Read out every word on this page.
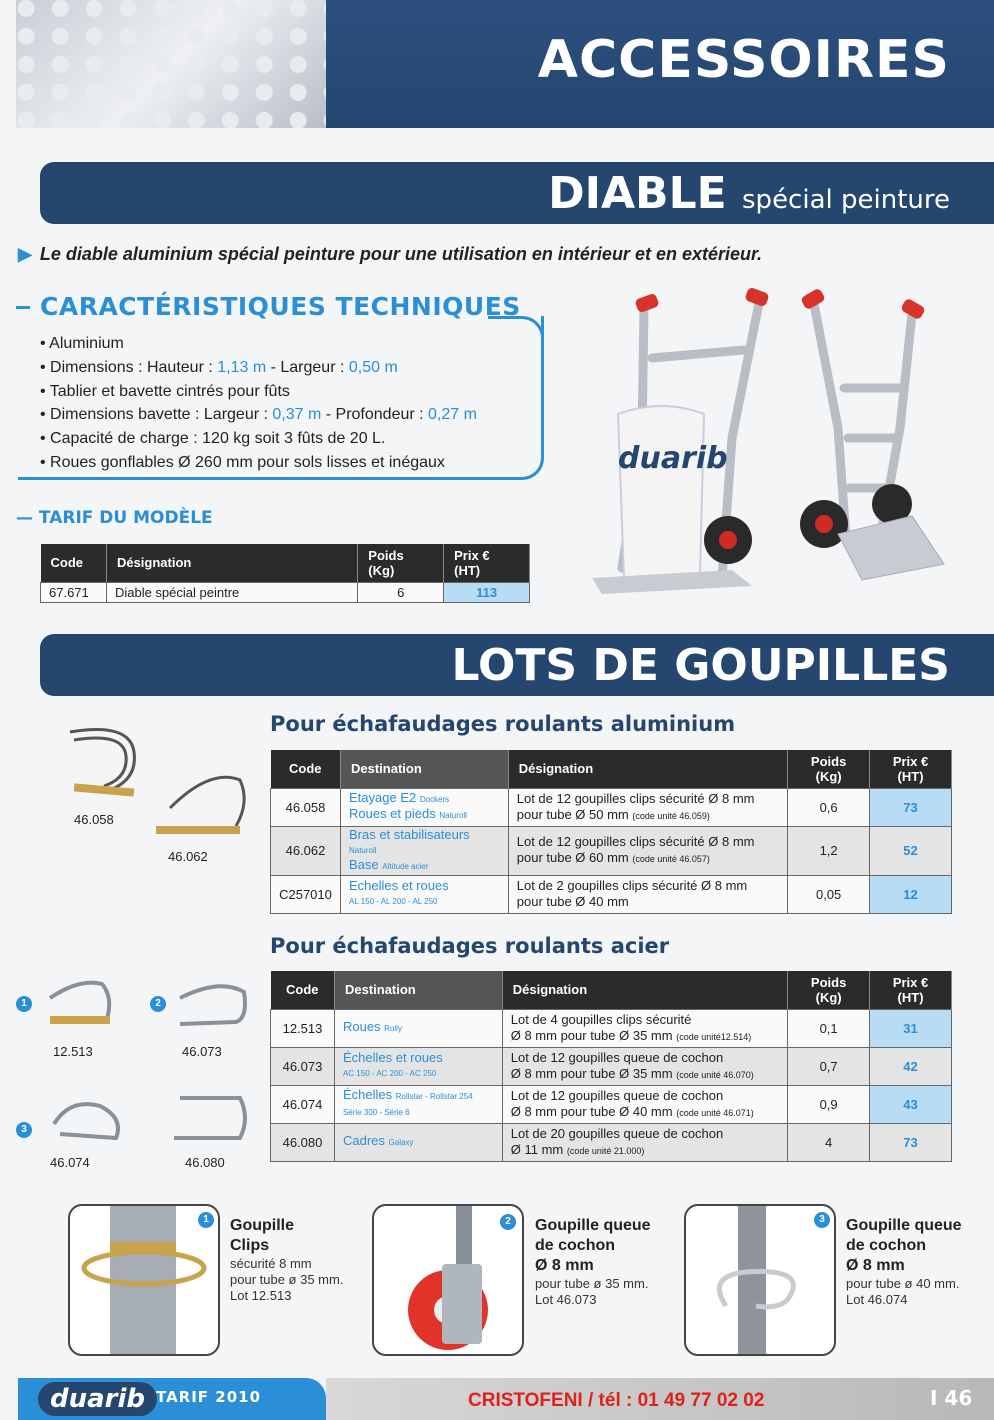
ACCESSOIRES
DIABLE spécial peinture
▶ Le diable aluminium spécial peinture pour une utilisation en intérieur et en extérieur.
CARACTÉRISTIQUES TECHNIQUES
• Aluminium
• Dimensions : Hauteur : 1,13 m - Largeur : 0,50 m
• Tablier et bavette cintrés pour fûts
• Dimensions bavette : Largeur : 0,37 m - Profondeur : 0,27 m
• Capacité de charge : 120 kg soit 3 fûts de 20 L.
• Roues gonflables Ø 260 mm pour sols lisses et inégaux
— TARIF DU MODÈLE
Code	Désignation	Poids (Kg)	Prix € (HT)
67.671	Diable spécial peintre	6	113
duarib
LOTS DE GOUPILLES
Pour échafaudages roulants aluminium
46.058
46.062
Code	Destination	Désignation	Poids (Kg)	Prix € (HT)
46.058	Etayage E2 Dockers
Roues et pieds Naturoll	Lot de 12 goupilles clips sécurité Ø 8 mm
pour tube Ø 50 mm (code unité 46.059)	0,6	73
46.062	Bras et stabilisateurs
Naturoll
Base Altitude acier	Lot de 12 goupilles clips sécurité Ø 8 mm
pour tube Ø 60 mm (code unité 46.057)	1,2	52
C257010	Echelles et roues
AL 150 - AL 200 - AL 250	Lot de 2 goupilles clips sécurité Ø 8 mm
pour tube Ø 40 mm	0,05	12
Pour échafaudages roulants acier
1	2
3
12.513	46.073
46.074	46.080
Code	Destination	Désignation	Poids (Kg)	Prix € (HT)
12.513	Roues Rolly	Lot de 4 goupilles clips sécurité
Ø 8 mm pour tube Ø 35 mm (code unité12.514)	0,1	31
46.073	Échelles et roues
AC 150 - AC 200 - AC 250	Lot de 12 goupilles queue de cochon
Ø 8 mm pour tube Ø 35 mm (code unité 46.070)	0,7	42
46.074	Échelles Rollstar - Rollstar 254
Série 300 - Série 6	Lot de 12 goupilles queue de cochon
Ø 8 mm pour tube Ø 40 mm (code unité 46.071)	0,9	43
46.080	Cadres Galaxy	Lot de 20 goupilles queue de cochon
Ø 11 mm (code unité 21.000)	4	73
1	Goupille
Clips
sécurité 8 mm
pour tube ø 35 mm.
Lot 12.513
2	Goupille queue
de cochon
Ø 8 mm
pour tube ø 35 mm.
Lot 46.073
3	Goupille queue
de cochon
Ø 8 mm
pour tube ø 40 mm.
Lot 46.074
duarib TARIF 2010	CRISTOFENI / tél : 01 49 77 02 02	I 46
